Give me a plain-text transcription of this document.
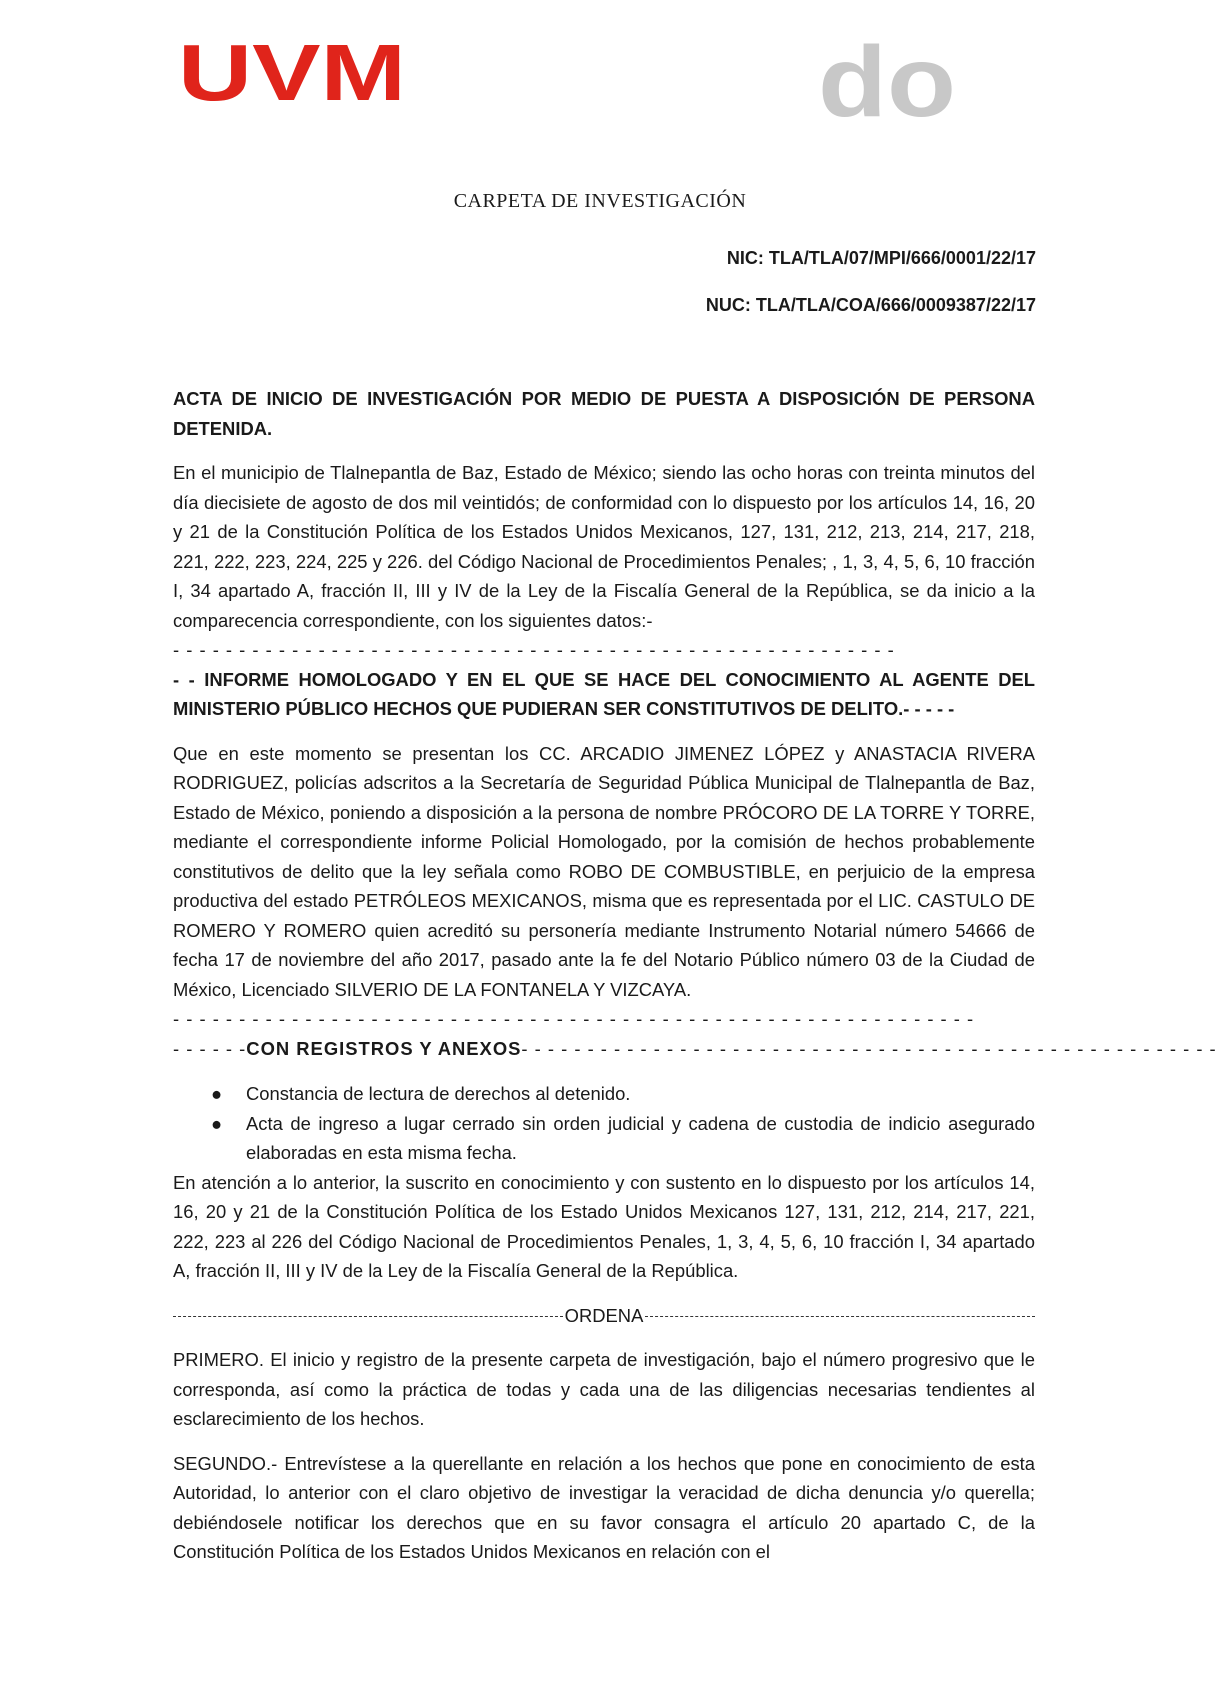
UVM	do
CARPETA DE INVESTIGACIÓN
NIC: TLA/TLA/07/MPI/666/0001/22/17
NUC: TLA/TLA/COA/666/0009387/22/17

ACTA DE INICIO DE INVESTIGACIÓN POR MEDIO DE PUESTA A DISPOSICIÓN DE PERSONA DETENIDA.

En el municipio de Tlalnepantla de Baz, Estado de México; siendo las ocho horas con treinta minutos del día diecisiete de agosto de dos mil veintidós; de conformidad con lo dispuesto por los artículos 14, 16, 20 y 21 de la Constitución Política de los Estados Unidos Mexicanos, 127, 131, 212, 213, 214, 217, 218, 221, 222, 223, 224, 225 y 226. del Código Nacional de Procedimientos Penales; , 1, 3, 4, 5, 6, 10 fracción I, 34 apartado A, fracción II, III y IV de la Ley de la Fiscalía General de la República, se da inicio a la comparecencia correspondiente, con los siguientes datos:-

- - - - - - - - - - - - - - - - - - - - - - - - - - - - - - - - - - - - - - - - - - - - - - - - - - - - - - -

- - INFORME HOMOLOGADO Y EN EL QUE SE HACE DEL CONOCIMIENTO AL AGENTE DEL MINISTERIO PÚBLICO HECHOS QUE PUDIERAN SER CONSTITUTIVOS DE DELITO.- - - - -

Que en este momento se presentan los CC. ARCADIO JIMENEZ LÓPEZ y ANASTACIA RIVERA RODRIGUEZ, policías adscritos a la Secretaría de Seguridad Pública Municipal de Tlalnepantla de Baz, Estado de México, poniendo a disposición a la persona de nombre PRÓCORO DE LA TORRE Y TORRE, mediante el correspondiente informe Policial Homologado, por la comisión de hechos probablemente constitutivos de delito que la ley señala como ROBO DE COMBUSTIBLE, en perjuicio de la empresa productiva del estado PETRÓLEOS MEXICANOS, misma que es representada por el LIC. CASTULO DE ROMERO Y ROMERO quien acreditó su personería mediante Instrumento Notarial número 54666 de fecha 17 de noviembre del año 2017, pasado ante la fe del Notario Público número 03 de la Ciudad de México, Licenciado SILVERIO DE LA FONTANELA Y VIZCAYA.

- - - - - - - - - - - - - - - - - - - - - - - - - - - - - - - - - - - - - - - - - - - - - - - - - - - - - - - - - - - - -
- - - - - -CON REGISTROS Y ANEXOS- - - - - - - - - - - - - - - - - - - - - - - - - - - - - - - - - - - - - - - - - - - - - - - - - - - - -
● Constancia de lectura de derechos al detenido.
● Acta de ingreso a lugar cerrado sin orden judicial y cadena de custodia de indicio asegurado elaboradas en esta misma fecha.

En atención a lo anterior, la suscrito en conocimiento y con sustento en lo dispuesto por los artículos 14, 16, 20 y 21 de la Constitución Política de los Estado Unidos Mexicanos 127, 131, 212, 214, 217, 221, 222, 223 al 226 del Código Nacional de Procedimientos Penales, 1, 3, 4, 5, 6, 10 fracción I, 34 apartado A, fracción II, III y IV de la Ley de la Fiscalía General de la República.

ORDENA

PRIMERO. El inicio y registro de la presente carpeta de investigación, bajo el número progresivo que le corresponda, así como la práctica de todas y cada una de las diligencias necesarias tendientes al esclarecimiento de los hechos.

SEGUNDO.- Entrevístese a la querellante en relación a los hechos que pone en conocimiento de esta Autoridad, lo anterior con el claro objetivo de investigar la veracidad de dicha denuncia y/o querella; debiéndosele notificar los derechos que en su favor consagra el artículo 20 apartado C, de la Constitución Política de los Estados Unidos Mexicanos en relación con el
